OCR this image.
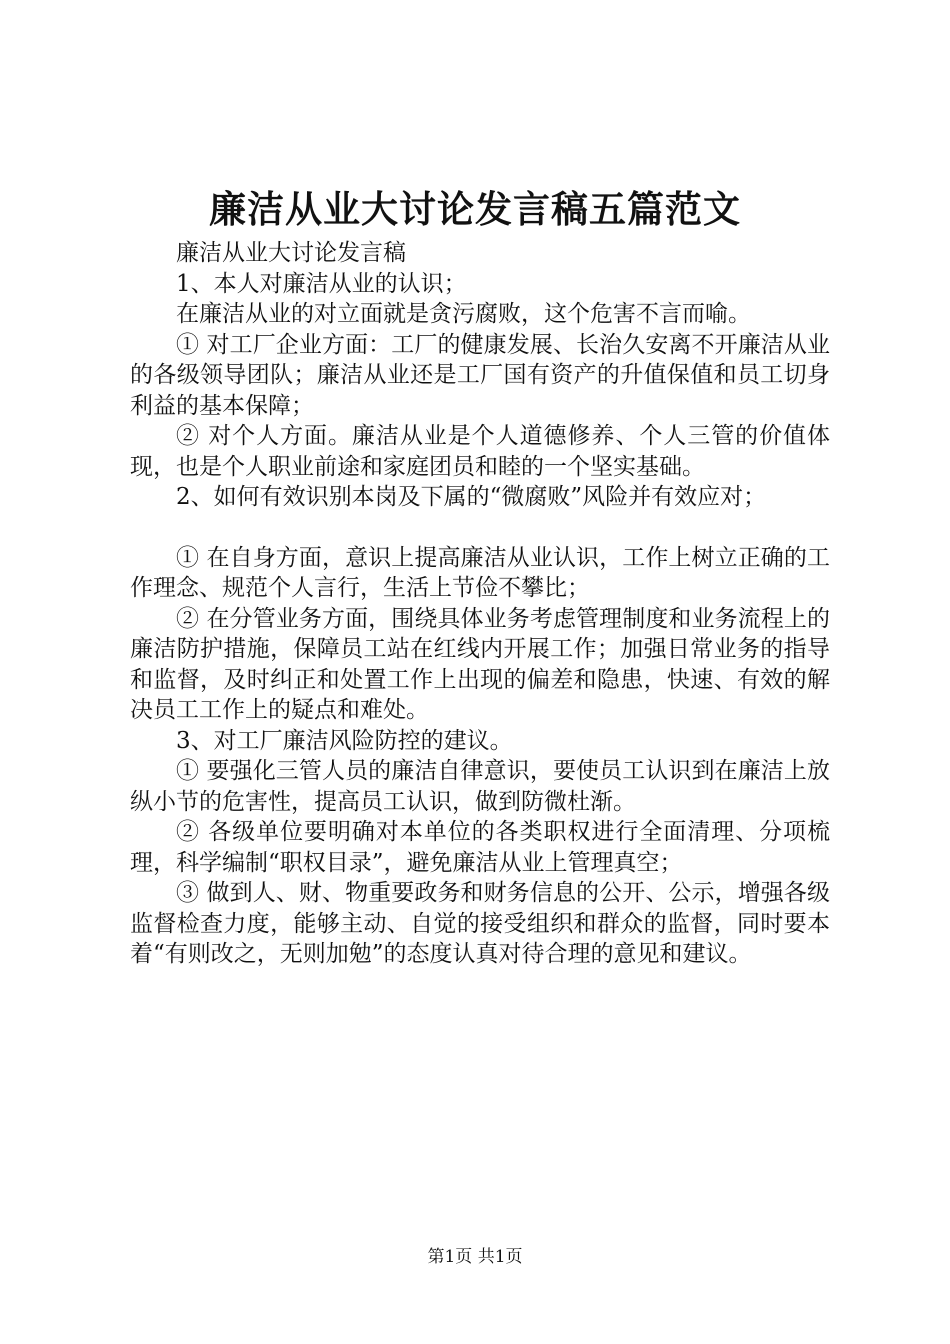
廉洁从业大讨论发言稿五篇范文

廉洁从业大讨论发言稿

1、本人对廉洁从业的认识；

在廉洁从业的对立面就是贪污腐败，这个危害不言而喻。

① 对工厂企业方面：工厂的健康发展、长治久安离不开廉洁从业的各级领导团队；廉洁从业还是工厂国有资产的升值保值和员工切身利益的基本保障；

② 对个人方面。廉洁从业是个人道德修养、个人三管的价值体现，也是个人职业前途和家庭团员和睦的一个坚实基础。

2、如何有效识别本岗及下属的“微腐败”风险并有效应对；

① 在自身方面，意识上提高廉洁从业认识，工作上树立正确的工作理念、规范个人言行，生活上节俭不攀比；

② 在分管业务方面，围绕具体业务考虑管理制度和业务流程上的廉洁防护措施，保障员工站在红线内开展工作；加强日常业务的指导和监督，及时纠正和处置工作上出现的偏差和隐患，快速、有效的解决员工工作上的疑点和难处。

3、对工厂廉洁风险防控的建议。

① 要强化三管人员的廉洁自律意识，要使员工认识到在廉洁上放纵小节的危害性，提高员工认识，做到防微杜渐。

② 各级单位要明确对本单位的各类职权进行全面清理、分项梳理，科学编制“职权目录”，避免廉洁从业上管理真空；

③ 做到人、财、物重要政务和财务信息的公开、公示，增强各级监督检查力度，能够主动、自觉的接受组织和群众的监督，同时要本着“有则改之，无则加勉”的态度认真对待合理的意见和建议。

第1页 共1页
